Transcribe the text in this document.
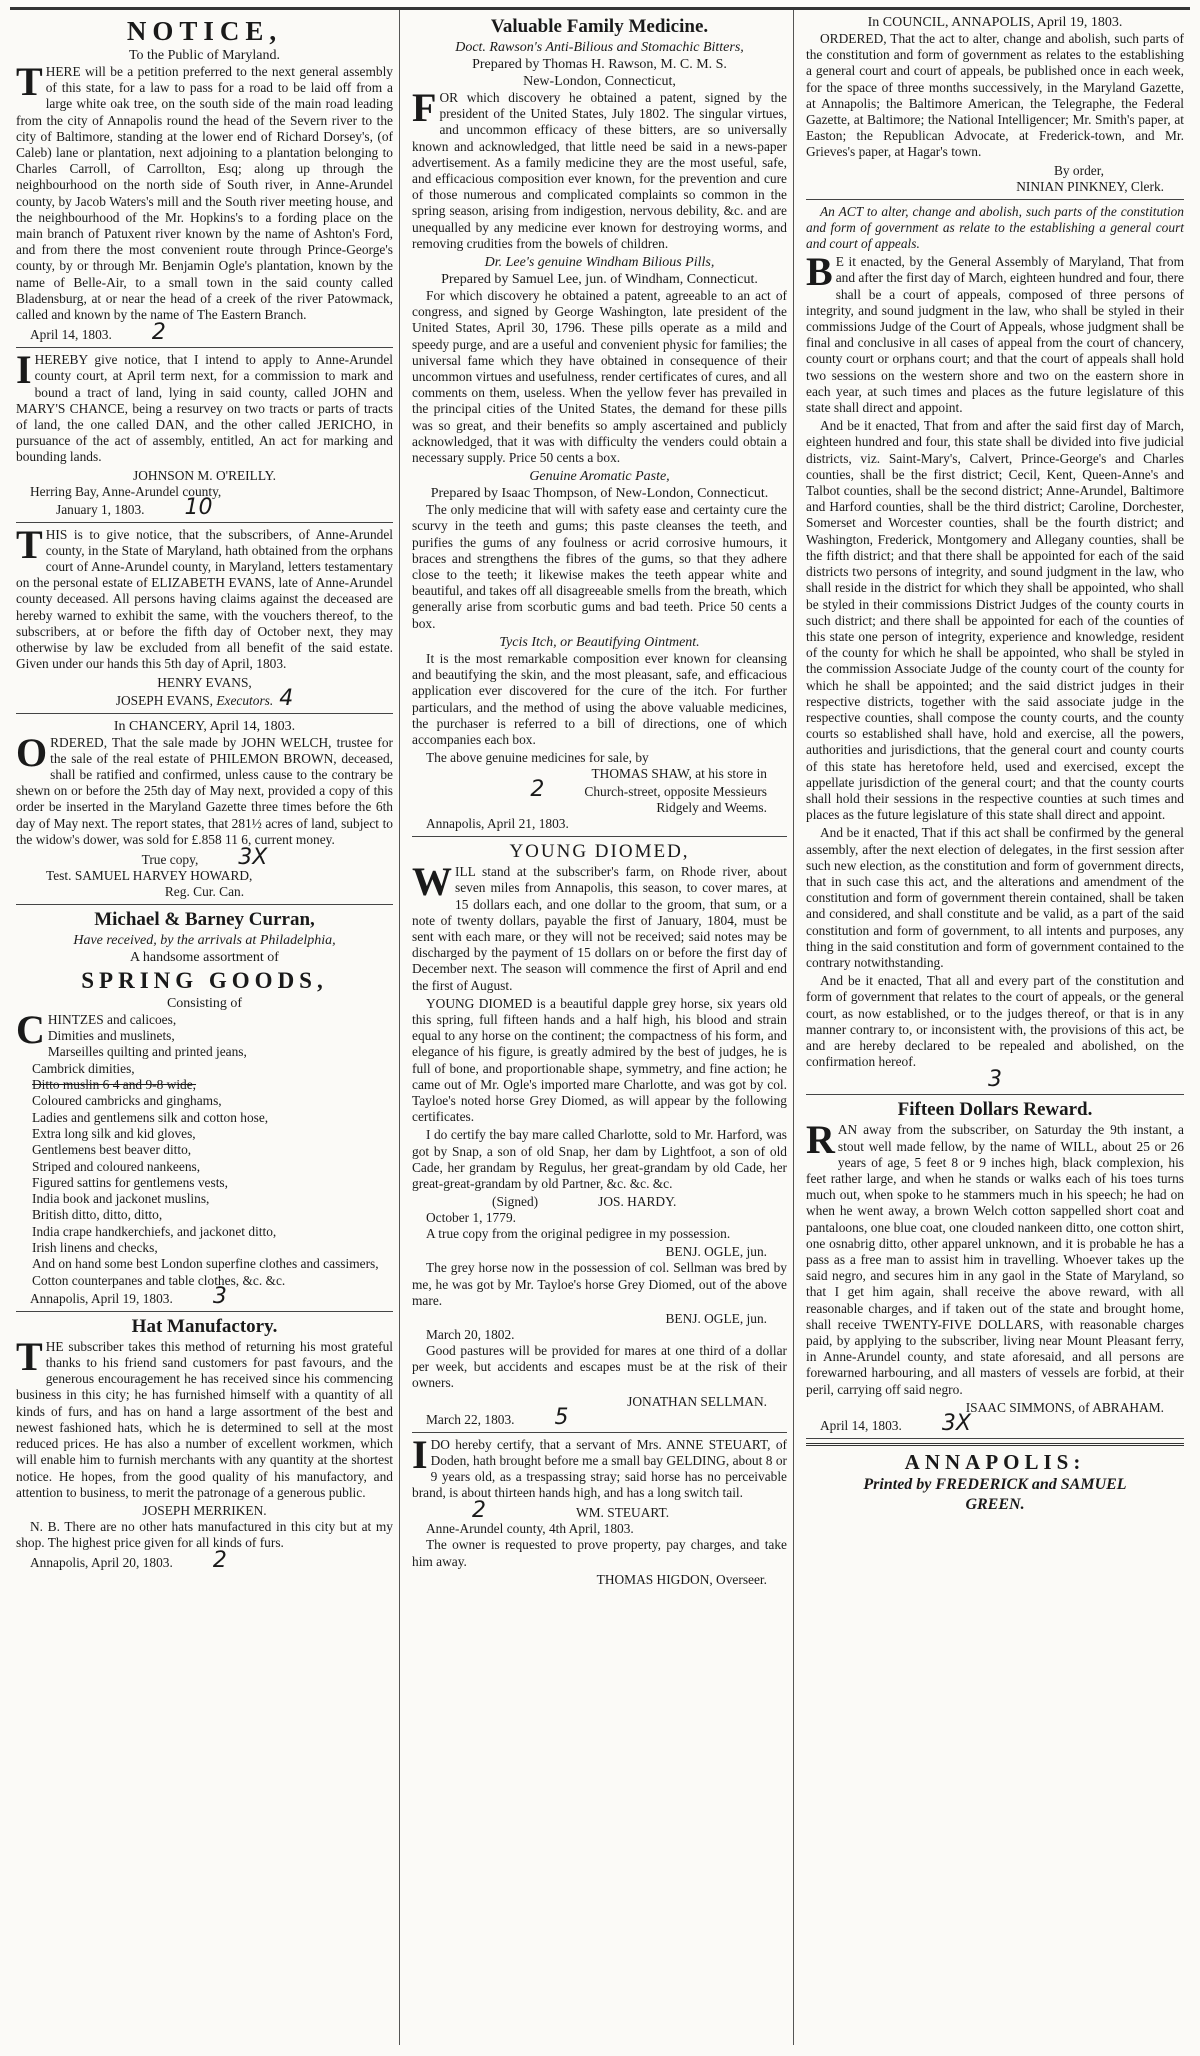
NOTICE,

To the Public of Maryland.

THERE will be a petition preferred to the next general assembly of this state, for a law to pass for a road to be laid off from a large white oak tree, on the south side of the main road leading from the city of Annapolis round the head of the Severn river to the city of Baltimore, standing at the lower end of Richard Dorsey's, (of Caleb) lane or plantation, next adjoining to a plantation belonging to Charles Carroll, of Carrollton, Esq; along up through the neighbourhood on the north side of South river, in Anne-Arundel county, by Jacob Waters's mill and the South river meeting house, and the neighbourhood of the Mr. Hopkins's to a fording place on the main branch of Patuxent river known by the name of Ashton's Ford, and from there the most convenient route through Prince-George's county, by or through Mr. Benjamin Ogle's plantation, known by the name of Belle-Air, to a small town in the said county called Bladensburg, at or near the head of a creek of the river Patowmack, called and known by the name of The Eastern Branch.

April 14, 1803. 2

IHEREBY give notice, that I intend to apply to Anne-Arundel county court, at April term next, for a commission to mark and bound a tract of land, lying in said county, called JOHN and MARY'S CHANCE, being a resurvey on two tracts or parts of tracts of land, the one called DAN, and the other called JERICHO, in pursuance of the act of assembly, entitled, An act for marking and bounding lands.

JOHNSON M. O'REILLY.

Herring Bay, Anne-Arundel county,

January 1, 1803. 10

THIS is to give notice, that the subscribers, of Anne-Arundel county, in the State of Maryland, hath obtained from the orphans court of Anne-Arundel county, in Maryland, letters testamentary on the personal estate of ELIZABETH EVANS, late of Anne-Arundel county deceased. All persons having claims against the deceased are hereby warned to exhibit the same, with the vouchers thereof, to the subscribers, at or before the fifth day of October next, they may otherwise by law be excluded from all benefit of the said estate. Given under our hands this 5th day of April, 1803.

HENRY EVANS,

JOSEPH EVANS, Executors. 4

In CHANCERY, April 14, 1803.

ORDERED, That the sale made by JOHN WELCH, trustee for the sale of the real estate of PHILEMON BROWN, deceased, shall be ratified and confirmed, unless cause to the contrary be shewn on or before the 25th day of May next, provided a copy of this order be inserted in the Maryland Gazette three times before the 6th day of May next. The report states, that 281½ acres of land, subject to the widow's dower, was sold for £.858 11 6, current money.

True copy, 3X

Test. SAMUEL HARVEY HOWARD,

Reg. Cur. Can.

Michael & Barney Curran,

Have received, by the arrivals at Philadelphia,

A handsome assortment of

SPRING GOODS,

Consisting of

CHINTZES and calicoes,

Dimities and muslinets,
Marseilles quilting and printed jeans,
Cambrick dimities,
Ditto muslin 6 4 and 9-8 wide,
Coloured cambricks and ginghams,
Ladies and gentlemens silk and cotton hose,
Extra long silk and kid gloves,
Gentlemens best beaver ditto,
Striped and coloured nankeens,
Figured sattins for gentlemens vests,
India book and jackonet muslins,
British ditto, ditto, ditto,
India crape handkerchiefs, and jackonet ditto,
Irish linens and checks,
And on hand some best London superfine clothes and cassimers,
Cotton counterpanes and table clothes, &c. &c.

Annapolis, April 19, 1803. 3

Hat Manufactory.

THE subscriber takes this method of returning his most grateful thanks to his friend sand customers for past favours, and the generous encouragement he has received since his commencing business in this city; he has furnished himself with a quantity of all kinds of furs, and has on hand a large assortment of the best and newest fashioned hats, which he is determined to sell at the most reduced prices. He has also a number of excellent workmen, which will enable him to furnish merchants with any quantity at the shortest notice. He hopes, from the good quality of his manufactory, and attention to business, to merit the patronage of a generous public.

JOSEPH MERRIKEN.

N. B. There are no other hats manufactured in this city but at my shop. The highest price given for all kinds of furs.

Annapolis, April 20, 1803. 2

Valuable Family Medicine.

Doct. Rawson's Anti-Bilious and Stomachic Bitters,

Prepared by Thomas H. Rawson, M. C. M. S.

New-London, Connecticut,

FOR which discovery he obtained a patent, signed by the president of the United States, July 1802. The singular virtues, and uncommon efficacy of these bitters, are so universally known and acknowledged, that little need be said in a news-paper advertisement. As a family medicine they are the most useful, safe, and efficacious composition ever known, for the prevention and cure of those numerous and complicated complaints so common in the spring season, arising from indigestion, nervous debility, &c. and are unequalled by any medicine ever known for destroying worms, and removing crudities from the bowels of children.

Dr. Lee's genuine Windham Bilious Pills,

Prepared by Samuel Lee, jun. of Windham, Connecticut.

For which discovery he obtained a patent, agreeable to an act of congress, and signed by George Washington, late president of the United States, April 30, 1796. These pills operate as a mild and speedy purge, and are a useful and convenient physic for families; the universal fame which they have obtained in consequence of their uncommon virtues and usefulness, render certificates of cures, and all comments on them, useless. When the yellow fever has prevailed in the principal cities of the United States, the demand for these pills was so great, and their benefits so amply ascertained and publicly acknowledged, that it was with difficulty the venders could obtain a necessary supply. Price 50 cents a box.

Genuine Aromatic Paste,

Prepared by Isaac Thompson, of New-London, Connecticut.

The only medicine that will with safety ease and certainty cure the scurvy in the teeth and gums; this paste cleanses the teeth, and purifies the gums of any foulness or acrid corrosive humours, it braces and strengthens the fibres of the gums, so that they adhere close to the teeth; it likewise makes the teeth appear white and beautiful, and takes off all disagreeable smells from the breath, which generally arise from scorbutic gums and bad teeth. Price 50 cents a box.

Tycis Itch, or Beautifying Ointment.

It is the most remarkable composition ever known for cleansing and beautifying the skin, and the most pleasant, safe, and efficacious application ever discovered for the cure of the itch. For further particulars, and the method of using the above valuable medicines, the purchaser is referred to a bill of directions, one of which accompanies each box.

The above genuine medicines for sale, by

THOMAS SHAW, at his store in

2	Church-street, opposite Messieurs

Ridgely and Weems.

Annapolis, April 21, 1803.

YOUNG DIOMED,

WILL stand at the subscriber's farm, on Rhode river, about seven miles from Annapolis, this season, to cover mares, at 15 dollars each, and one dollar to the groom, that sum, or a note of twenty dollars, payable the first of January, 1804, must be sent with each mare, or they will not be received; said notes may be discharged by the payment of 15 dollars on or before the first day of December next. The season will commence the first of April and end the first of August.

YOUNG DIOMED is a beautiful dapple grey horse, six years old this spring, full fifteen hands and a half high, his blood and strain equal to any horse on the continent; the compactness of his form, and elegance of his figure, is greatly admired by the best of judges, he is full of bone, and proportionable shape, symmetry, and fine action; he came out of Mr. Ogle's imported mare Charlotte, and was got by col. Tayloe's noted horse Grey Diomed, as will appear by the following certificates.

I do certify the bay mare called Charlotte, sold to Mr. Harford, was got by Snap, a son of old Snap, her dam by Lightfoot, a son of old Cade, her grandam by Regulus, her great-grandam by old Cade, her great-great-grandam by old Partner, &c. &c. &c.

(Signed)	JOS. HARDY.

October 1, 1779.

A true copy from the original pedigree in my possession.

BENJ. OGLE, jun.

The grey horse now in the possession of col. Sellman was bred by me, he was got by Mr. Tayloe's horse Grey Diomed, out of the above mare.

BENJ. OGLE, jun.

March 20, 1802.

Good pastures will be provided for mares at one third of a dollar per week, but accidents and escapes must be at the risk of their owners.

JONATHAN SELLMAN.

March 22, 1803. 5

IDO hereby certify, that a servant of Mrs. ANNE STEUART, of Doden, hath brought before me a small bay GELDING, about 8 or 9 years old, as a trespassing stray; said horse has no perceivable brand, is about thirteen hands high, and has a long switch tail.

2	WM. STEUART.

Anne-Arundel county, 4th April, 1803.

The owner is requested to prove property, pay charges, and take him away.

THOMAS HIGDON, Overseer.

In COUNCIL, ANNAPOLIS, April 19, 1803.

ORDERED, That the act to alter, change and abolish, such parts of the constitution and form of government as relates to the establishing a general court and court of appeals, be published once in each week, for the space of three months successively, in the Maryland Gazette, at Annapolis; the Baltimore American, the Telegraphe, the Federal Gazette, at Baltimore; the National Intelligencer; Mr. Smith's paper, at Easton; the Republican Advocate, at Frederick-town, and Mr. Grieves's paper, at Hagar's town.

By order,

NINIAN PINKNEY, Clerk.

An ACT to alter, change and abolish, such parts of the constitution and form of government as relate to the establishing a general court and court of appeals.

B E it enacted, by the General Assembly of Maryland, That from and after the first day of March, eighteen hundred and four, there shall be a court of appeals, composed of three persons of integrity, and sound judgment in the law, who shall be styled in their commissions Judge of the Court of Appeals, whose judgment shall be final and conclusive in all cases of appeal from the court of chancery, county court or orphans court; and that the court of appeals shall hold two sessions on the western shore and two on the eastern shore in each year, at such times and places as the future legislature of this state shall direct and appoint.

And be it enacted, That from and after the said first day of March, eighteen hundred and four, this state shall be divided into five judicial districts, viz. Saint-Mary's, Calvert, Prince-George's and Charles counties, shall be the first district; Cecil, Kent, Queen-Anne's and Talbot counties, shall be the second district; Anne-Arundel, Baltimore and Harford counties, shall be the third district; Caroline, Dorchester, Somerset and Worcester counties, shall be the fourth district; and Washington, Frederick, Montgomery and Allegany counties, shall be the fifth district; and that there shall be appointed for each of the said districts two persons of integrity, and sound judgment in the law, who shall reside in the district for which they shall be appointed, who shall be styled in their commissions District Judges of the county courts in such district; and there shall be appointed for each of the counties of this state one person of integrity, experience and knowledge, resident of the county for which he shall be appointed, who shall be styled in the commission Associate Judge of the county court of the county for which he shall be appointed; and the said district judges in their respective districts, together with the said associate judge in the respective counties, shall compose the county courts, and the county courts so established shall have, hold and exercise, all the powers, authorities and jurisdictions, that the general court and county courts of this state has heretofore held, used and exercised, except the appellate jurisdiction of the general court; and that the county courts shall hold their sessions in the respective counties at such times and places as the future legislature of this state shall direct and appoint.

And be it enacted, That if this act shall be confirmed by the general assembly, after the next election of delegates, in the first session after such new election, as the constitution and form of government directs, that in such case this act, and the alterations and amendment of the constitution and form of government therein contained, shall be taken and considered, and shall constitute and be valid, as a part of the said constitution and form of government, to all intents and purposes, any thing in the said constitution and form of government contained to the contrary notwithstanding.

And be it enacted, That all and every part of the constitution and form of government that relates to the court of appeals, or the general court, as now established, or to the judges thereof, or that is in any manner contrary to, or inconsistent with, the provisions of this act, be and are hereby declared to be repealed and abolished, on the confirmation hereof.

3

Fifteen Dollars Reward.

RAN away from the subscriber, on Saturday the 9th instant, a stout well made fellow, by the name of WILL, about 25 or 26 years of age, 5 feet 8 or 9 inches high, black complexion, his feet rather large, and when he stands or walks each of his toes turns much out, when spoke to he stammers much in his speech; he had on when he went away, a brown Welch cotton sappelled short coat and pantaloons, one blue coat, one clouded nankeen ditto, one cotton shirt, one osnabrig ditto, other apparel unknown, and it is probable he has a pass as a free man to assist him in travelling. Whoever takes up the said negro, and secures him in any gaol in the State of Maryland, so that I get him again, shall receive the above reward, with all reasonable charges, and if taken out of the state and brought home, shall receive TWENTY-FIVE DOLLARS, with reasonable charges paid, by applying to the subscriber, living near Mount Pleasant ferry, in Anne-Arundel county, and state aforesaid, and all persons are forewarned harbouring, and all masters of vessels are forbid, at their peril, carrying off said negro.

ISAAC SIMMONS, of ABRAHAM.

April 14, 1803. 3X

ANNAPOLIS:

Printed by FREDERICK and SAMUEL

GREEN.
